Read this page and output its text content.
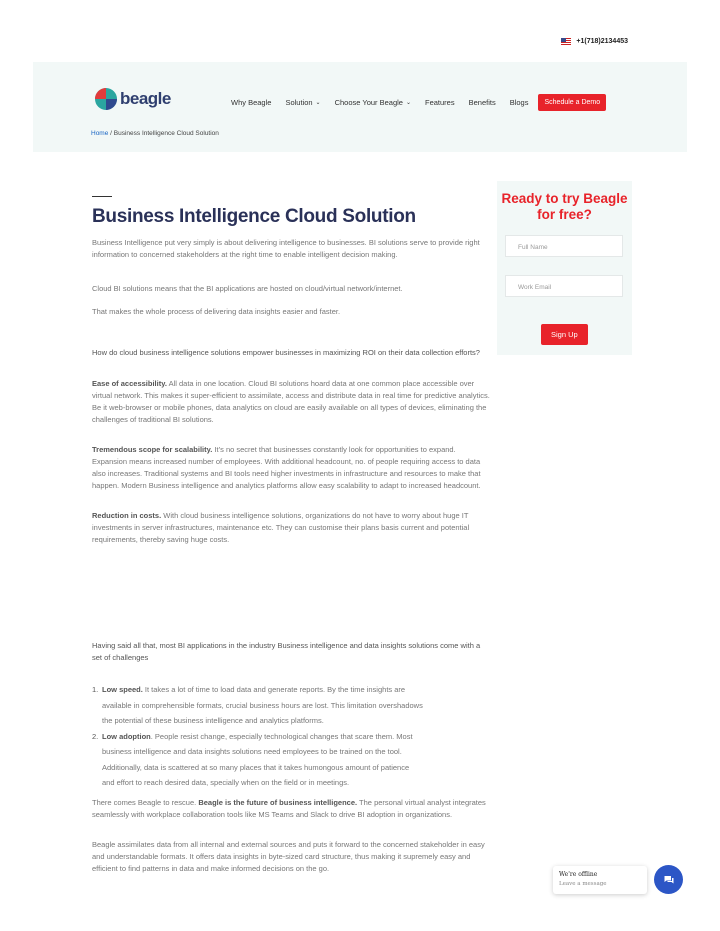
+1(718)2134453
beagle	Why Beagle Solution ⌄ Choose Your Beagle ⌄ Features Benefits Blogs	Schedule a Demo
Home / Business Intelligence Cloud Solution
Business Intelligence Cloud Solution

Business Intelligence put very simply is about delivering intelligence to businesses. BI solutions serve to provide right information to concerned stakeholders at the right time to enable intelligent decision making.

Cloud BI solutions means that the BI applications are hosted on cloud/virtual network/internet.

That makes the whole process of delivering data insights easier and faster.

How do cloud business intelligence solutions empower businesses in maximizing ROI on their data collection efforts?

Ease of accessibility. All data in one location. Cloud BI solutions hoard data at one common place accessible over virtual network. This makes it super-efficient to assimilate, access and distribute data in real time for predictive analytics. Be it web-browser or mobile phones, data analytics on cloud are easily available on all types of devices, eliminating the challenges of traditional BI solutions.

Tremendous scope for scalability. It’s no secret that businesses constantly look for opportunities to expand. Expansion means increased number of employees. With additional headcount, no. of people requiring access to data also increases. Traditional systems and BI tools need higher investments in infrastructure and resources to make that happen. Modern Business intelligence and analytics platforms allow easy scalability to adapt to increased headcount.

Reduction in costs. With cloud business intelligence solutions, organizations do not have to worry about huge IT investments in server infrastructures, maintenance etc. They can customise their plans basis current and potential requirements, thereby saving huge costs.

Having said all that, most BI applications in the industry Business intelligence and data insights solutions come with a set of challenges

1. Low speed. It takes a lot of time to load data and generate reports. By the time insights are
available in comprehensible formats, crucial business hours are lost. This limitation overshadows
the potential of these business intelligence and analytics platforms.
2. Low adoption. People resist change, especially technological changes that scare them. Most
business intelligence and data insights solutions need employees to be trained on the tool.
Additionally, data is scattered at so many places that it takes humongous amount of patience
and effort to reach desired data, specially when on the field or in meetings.

There comes Beagle to rescue. Beagle is the future of business intelligence. The personal virtual analyst integrates seamlessly with workplace collaboration tools like MS Teams and Slack to drive BI adoption in organizations.

Beagle assimilates data from all internal and external sources and puts it forward to the concerned stakeholder in easy and understandable formats. It offers data insights in byte-sized card structure, thus making it supremely easy and efficient to find patterns in data and make informed decisions on the go.

Ready to try Beagle for free?
Full Name
Work Email
Sign Up
We're offline
Leave a message
